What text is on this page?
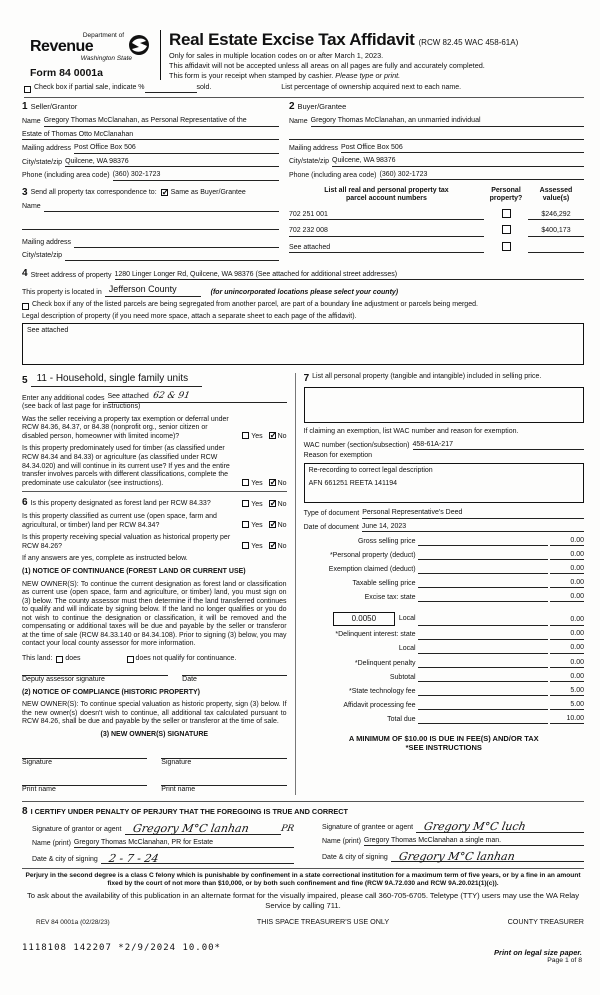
Department of
Revenue
Washington State
Form 84 0001a
Real Estate Excise Tax Affidavit (RCW 82.45 WAC 458-61A)
Only for sales in multiple location codes on or after March 1, 2023.
This affidavit will not be accepted unless all areas on all pages are fully and accurately completed.
This form is your receipt when stamped by cashier. Please type or print.
Check box if partial sale, indicate %	sold.	List percentage of ownership acquired next to each name.
1 Seller/Grantor
Name Gregory Thomas McClanahan, as Personal Representative of the
Estate of Thomas Otto McClanahan
Mailing address Post Office Box 506
City/state/zip Quilcene, WA 98376
Phone (including area code) (360) 302-1723
2 Buyer/Grantee
Name Gregory Thomas McClanahan, an unmarried individual
Mailing address Post Office Box 506
City/state/zip Quilcene, WA 98376
Phone (including area code) (360) 302-1723
3 Send all property tax correspondence to: ✓ Same as Buyer/Grantee
Name
Mailing address
City/state/zip
List all real and personal property tax
parcel account numbers
Personal
property?
Assessed
value(s)
702 251 001	$246,292
702 232 008	$400,173
See attached
4 Street address of property 1280 Linger Longer Rd, Quilcene, WA 98376 (See attached for additional street addresses)
This property is located in Jefferson County	(for unincorporated locations please select your county)
Check box if any of the listed parcels are being segregated from another parcel, are part of a boundary line adjustment or parcels being merged.
Legal description of property (if you need more space, attach a separate sheet to each page of the affidavit).
See attached
5 11 - Household, single family units
Enter any additional codes See attached 62 & 91
(see back of last page for instructions)
Was the seller receiving a property tax exemption or deferral under RCW 84.36, 84.37, or 84.38 (nonprofit org., senior citizen or disabled person, homeowner with limited income)?	Yes ✓ No
Is this property predominately used for timber (as classified under RCW 84.34 and 84.33) or agriculture (as classified under RCW 84.34.020) and will continue in its current use? If yes and the entire transfer involves parcels with different classifications, complete the predominate use calculator (see instructions).	Yes ✓ No
6 Is this property designated as forest land per RCW 84.33?	Yes ✓ No
Is this property classified as current use (open space, farm and agricultural, or timber) land per RCW 84.34?	Yes ✓ No
Is this property receiving special valuation as historical property per RCW 84.26?	Yes ✓ No
If any answers are yes, complete as instructed below.
(1) NOTICE OF CONTINUANCE (FOREST LAND OR CURRENT USE)
NEW OWNER(S): To continue the current designation as forest land or classification as current use (open space, farm and agriculture, or timber) land, you must sign on (3) below. The county assessor must then determine if the land transferred continues to qualify and will indicate by signing below. If the land no longer qualifies or you do not wish to continue the designation or classification, it will be removed and the compensating or additional taxes will be due and payable by the seller or transferor at the time of sale (RCW 84.33.140 or 84.34.108). Prior to signing (3) below, you may contact your local county assessor for more information.
This land: does	does not qualify for continuance.
Deputy assessor signature	Date
(2) NOTICE OF COMPLIANCE (HISTORIC PROPERTY)
NEW OWNER(S): To continue special valuation as historic property, sign (3) below. If the new owner(s) doesn't wish to continue, all additional tax calculated pursuant to RCW 84.26, shall be due and payable by the seller or transferor at the time of sale.
(3) NEW OWNER(S) SIGNATURE
Signature	Signature
Print name	Print name
7 List all personal property (tangible and intangible) included in selling price.
If claiming an exemption, list WAC number and reason for exemption.
WAC number (section/subsection) 458-61A-217
Reason for exemption
Re-recording to correct legal description
AFN 661251 REETA 141194
Type of document Personal Representative's Deed
Date of document June 14, 2023
Gross selling price	0.00
*Personal property (deduct)	0.00
Exemption claimed (deduct)	0.00
Taxable selling price	0.00
Excise tax: state	0.00
0.0050	Local	0.00
*Delinquent interest: state	0.00
Local	0.00
*Delinquent penalty	0.00
Subtotal	0.00
*State technology fee	5.00
Affidavit processing fee	5.00
Total due	10.00
A MINIMUM OF $10.00 IS DUE IN FEE(S) AND/OR TAX
*SEE INSTRUCTIONS
8 I CERTIFY UNDER PENALTY OF PERJURY THAT THE FOREGOING IS TRUE AND CORRECT
Signature of grantor or agent Gregory M°C lanhan	PR
Name (print) Gregory Thomas McClanahan, PR for Estate
Date & city of signing 2 - 7 - 24
Signature of grantee or agent Gregory M°C luch
Name (print) Gregory Thomas McClanahan a single man.
Date & city of signing Gregory M°C lanhan
Perjury in the second degree is a class C felony which is punishable by confinement in a state correctional institution for a maximum term of five years, or by a fine in an amount fixed by the court of not more than $10,000, or by both such confinement and fine (RCW 9A.72.030 and RCW 9A.20.021(1)(c)).
To ask about the availability of this publication in an alternate format for the visually impaired, please call 360-705-6705. Teletype (TTY) users may use the WA Relay Service by calling 711.
REV 84 0001a (02/28/23)	THIS SPACE TREASURER'S USE ONLY	COUNTY TREASURER
1118108 142207 *2/9/2024 10.00*	Print on legal size paper.
Page 1 of 8
